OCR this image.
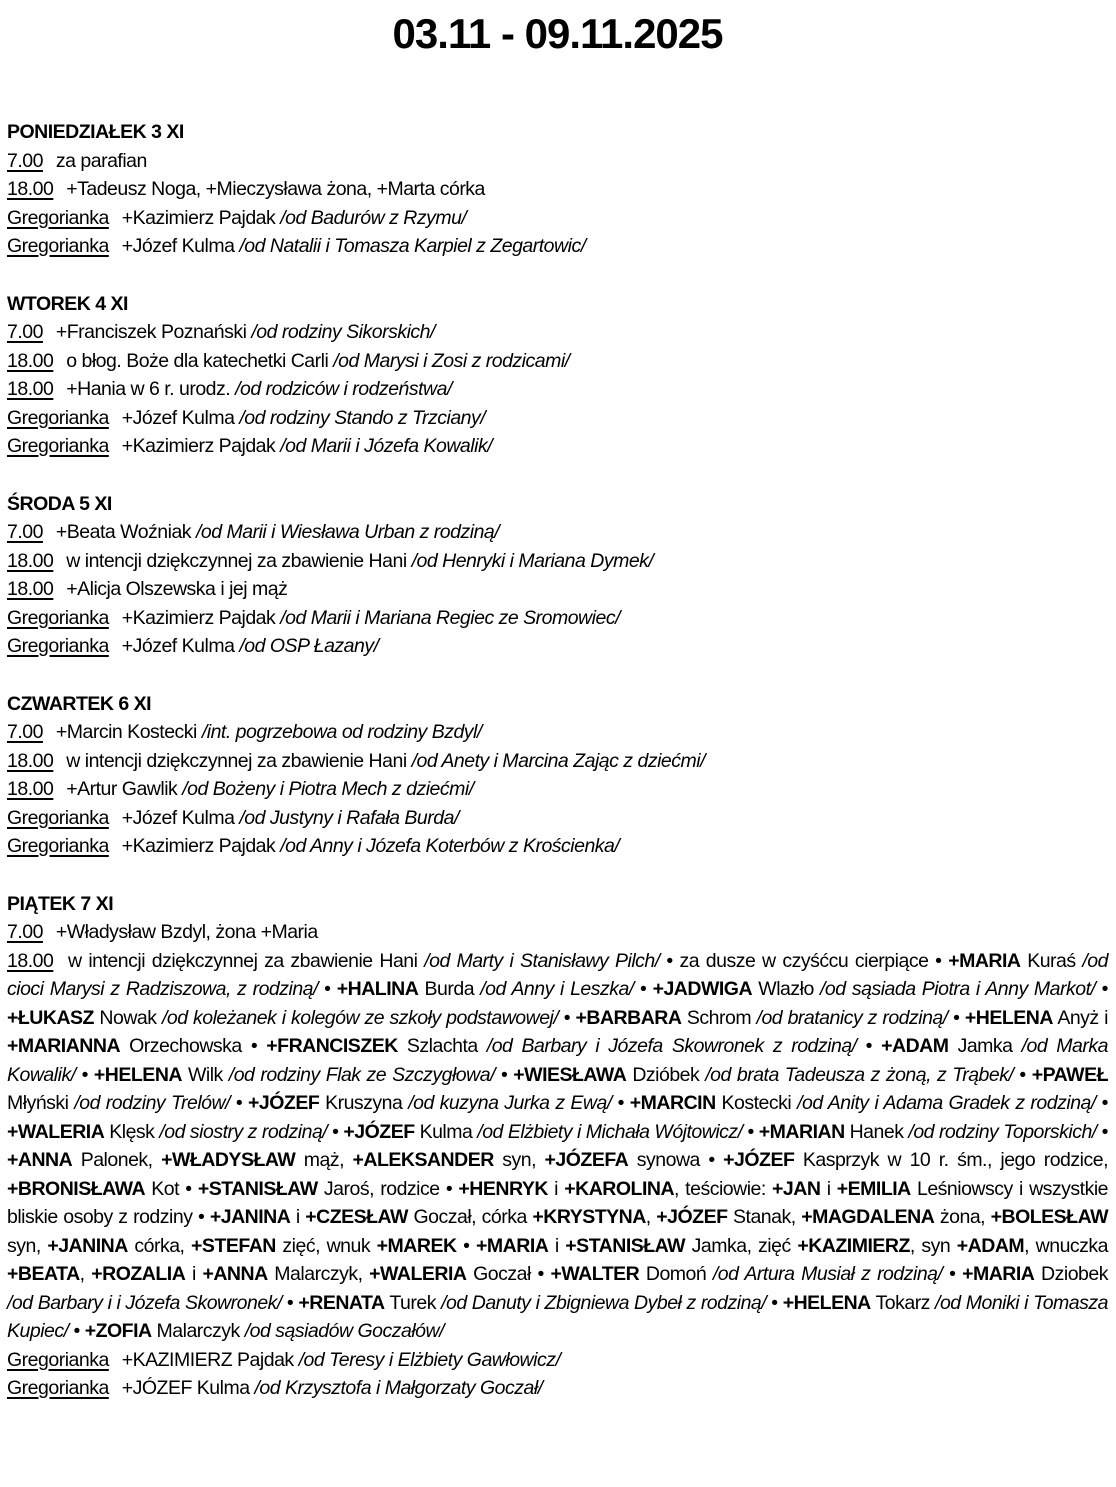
03.11 - 09.11.2025
PONIEDZIAŁEK 3 XI

7.00 za parafian

18.00 +Tadeusz Noga, +Mieczysława żona, +Marta córka

Gregorianka +Kazimierz Pajdak /od Badurów z Rzymu/

Gregorianka +Józef Kulma /od Natalii i Tomasza Karpiel z Zegartowic/

WTOREK 4 XI

7.00 +Franciszek Poznański /od rodziny Sikorskich/

18.00 o błog. Boże dla katechetki Carli /od Marysi i Zosi z rodzicami/

18.00 +Hania w 6 r. urodz. /od rodziców i rodzeństwa/

Gregorianka +Józef Kulma /od rodziny Stando z Trzciany/

Gregorianka +Kazimierz Pajdak /od Marii i Józefa Kowalik/

ŚRODA 5 XI

7.00 +Beata Woźniak /od Marii i Wiesława Urban z rodziną/

18.00 w intencji dziękczynnej za zbawienie Hani /od Henryki i Mariana Dymek/

18.00 +Alicja Olszewska i jej mąż

Gregorianka +Kazimierz Pajdak /od Marii i Mariana Regiec ze Sromowiec/

Gregorianka +Józef Kulma /od OSP Łazany/

CZWARTEK 6 XI

7.00 +Marcin Kostecki /int. pogrzebowa od rodziny Bzdyl/

18.00 w intencji dziękczynnej za zbawienie Hani /od Anety i Marcina Zając z dziećmi/

18.00 +Artur Gawlik /od Bożeny i Piotra Mech z dziećmi/

Gregorianka +Józef Kulma /od Justyny i Rafała Burda/

Gregorianka +Kazimierz Pajdak /od Anny i Józefa Koterbów z Krościenka/

PIĄTEK 7 XI

7.00 +Władysław Bzdyl, żona +Maria

18.00 w intencji dziękczynnej za zbawienie Hani /od Marty i Stanisławy Pilch/ • za dusze w czyśćcu cierpiące • +MARIA Kuraś /od cioci Marysi z Radziszowa, z rodziną/ • +HALINA Burda /od Anny i Leszka/ • +JADWIGA Wlazło /od sąsiada Piotra i Anny Markot/ • +ŁUKASZ Nowak /od koleżanek i kolegów ze szkoły podstawowej/ • +BARBARA Schrom /od bratanicy z rodziną/ • +HELENA Anyż i +MARIANNA Orzechowska • +FRANCISZEK Szlachta /od Barbary i Józefa Skowronek z rodziną/ • +ADAM Jamka /od Marka Kowalik/ • +HELENA Wilk /od rodziny Flak ze Szczygłowa/ • +WIESŁAWA Dzióbek /od brata Tadeusza z żoną, z Trąbek/ • +PAWEŁ Młyński /od rodziny Trelów/ • +JÓZEF Kruszyna /od kuzyna Jurka z Ewą/ • +MARCIN Kostecki /od Anity i Adama Gradek z rodziną/ • +WALERIA Klęsk /od siostry z rodziną/ • +JÓZEF Kulma /od Elżbiety i Michała Wójtowicz/ • +MARIAN Hanek /od rodziny Toporskich/ • +ANNA Palonek, +WŁADYSŁAW mąż, +ALEKSANDER syn, +JÓZEFA synowa • +JÓZEF Kasprzyk w 10 r. śm., jego rodzice, +BRONISŁAWA Kot • +STANISŁAW Jaroś, rodzice • +HENRYK i +KAROLINA, teściowie: +JAN i +EMILIA Leśniowscy i wszystkie bliskie osoby z rodziny • +JANINA i +CZESŁAW Goczał, córka +KRYSTYNA, +JÓZEF Stanak, +MAGDALENA żona, +BOLESŁAW syn, +JANINA córka, +STEFAN zięć, wnuk +MAREK • +MARIA i +STANISŁAW Jamka, zięć +KAZIMIERZ, syn +ADAM, wnuczka +BEATA, +ROZALIA i +ANNA Malarczyk, +WALERIA Goczał • +WALTER Domoń /od Artura Musiał z rodziną/ • +MARIA Dziobek /od Barbary i i Józefa Skowronek/ • +RENATA Turek /od Danuty i Zbigniewa Dybeł z rodziną/ • +HELENA Tokarz /od Moniki i Tomasza Kupiec/ • +ZOFIA Malarczyk /od sąsiadów Goczałów/

Gregorianka +KAZIMIERZ Pajdak /od Teresy i Elżbiety Gawłowicz/

Gregorianka +JÓZEF Kulma /od Krzysztofa i Małgorzaty Goczał/
